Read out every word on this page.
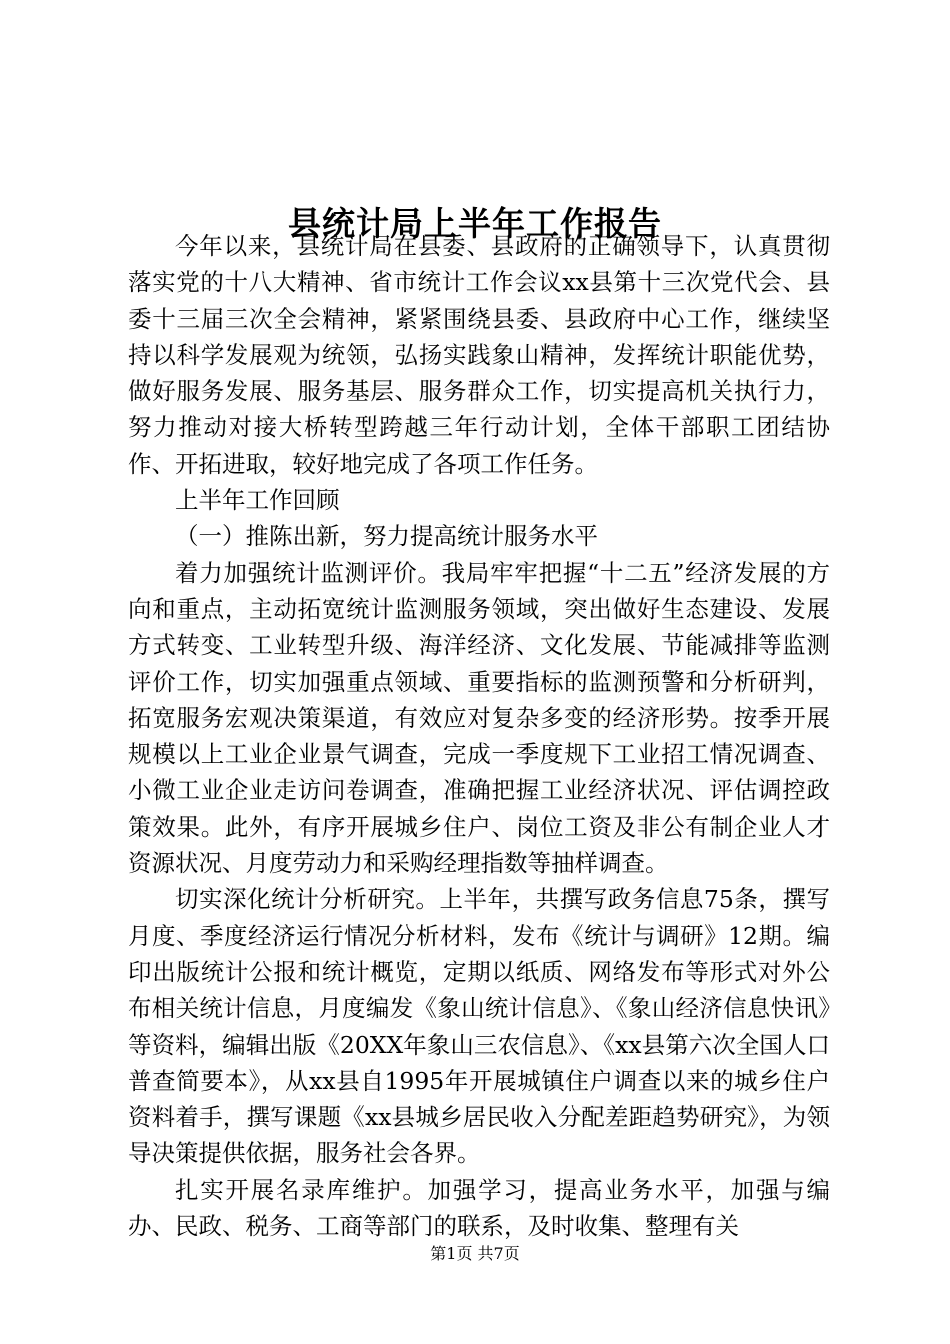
县统计局上半年工作报告

今年以来，县统计局在县委、县政府的正确领导下，认真贯彻落实党的十八大精神、省市统计工作会议xx县第十三次党代会、县委十三届三次全会精神，紧紧围绕县委、县政府中心工作，继续坚持以科学发展观为统领，弘扬实践象山精神，发挥统计职能优势，做好服务发展、服务基层、服务群众工作，切实提高机关执行力，努力推动对接大桥转型跨越三年行动计划，全体干部职工团结协作、开拓进取，较好地完成了各项工作任务。

上半年工作回顾

（一）推陈出新，努力提高统计服务水平

着力加强统计监测评价。我局牢牢把握“十二五”经济发展的方向和重点，主动拓宽统计监测服务领域，突出做好生态建设、发展方式转变、工业转型升级、海洋经济、文化发展、节能减排等监测评价工作，切实加强重点领域、重要指标的监测预警和分析研判，拓宽服务宏观决策渠道，有效应对复杂多变的经济形势。按季开展规模以上工业企业景气调查，完成一季度规下工业招工情况调查、小微工业企业走访问卷调查，准确把握工业经济状况、评估调控政策效果。此外，有序开展城乡住户、岗位工资及非公有制企业人才资源状况、月度劳动力和采购经理指数等抽样调查。

切实深化统计分析研究。上半年，共撰写政务信息75条，撰写月度、季度经济运行情况分析材料，发布《统计与调研》12期。编印出版统计公报和统计概览，定期以纸质、网络发布等形式对外公布相关统计信息，月度编发《象山统计信息》、《象山经济信息快讯》等资料，编辑出版《20XX年象山三农信息》、《xx县第六次全国人口普查简要本》，从xx县自1995年开展城镇住户调查以来的城乡住户资料着手，撰写课题《xx县城乡居民收入分配差距趋势研究》，为领导决策提供依据，服务社会各界。

扎实开展名录库维护。加强学习，提高业务水平，加强与编办、民政、税务、工商等部门的联系，及时收集、整理有关

第1页 共7页
